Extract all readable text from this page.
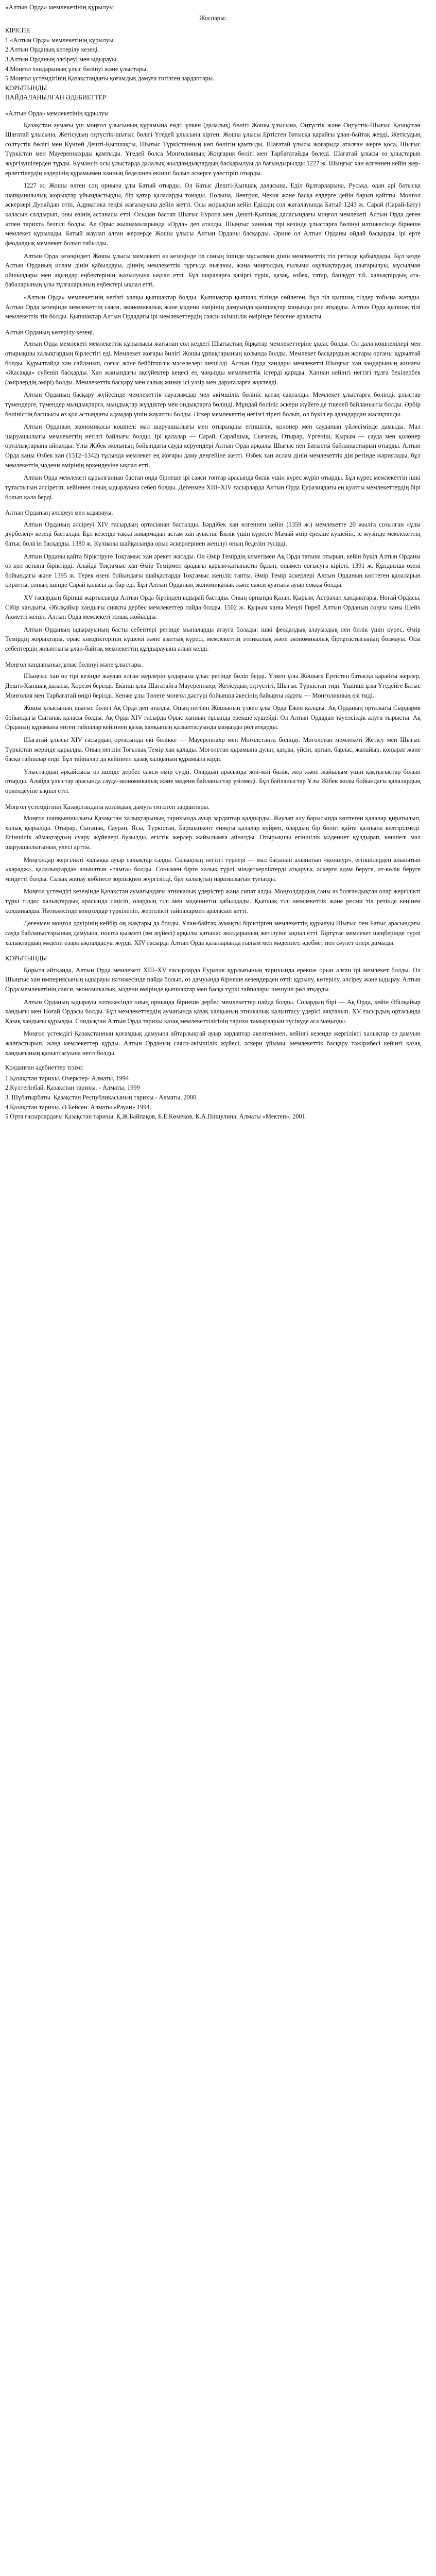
«Алтын Орда» мемлекетінің құрылуы
Жоспары:
КІРІСПЕ
1.«Алтын Орда» мемлекетінің құрылуы.
2.Алтын Орданың көтерілу кезеңі.
3.Алтын Орданың әлсіреуі мен ыдырауы.
4.Моңғол хандарының ұлыс бөлінуі және ұлыстары.
5.Моңғол үстемдігінің Қазақстандағы қоғамдық дамуға тигізген зардаптары.
ҚОРЫТЫНДЫ
ПАЙДАЛАНЫЛҒАН ӘДЕБИЕТТЕР
«Алтын Орда» мемлекетінің құрылуы

Қазақстан аумағы үш моңғол ұлысының құрамына енді: үлкен (далалық) бөлігі Жошы ұлысына, Оңтүстік және Оңтүстік-Шығыс Қазақстан Шағатай ұлысына, Жетісудың оңтүстік-шығыс бөлігі Үгедей ұлысына кірген. Жошы ұлысы Ертістен батысқа қарайғы ұлан-байтақ жерді, Жетісудың солтүстік бөлігі мен Күнгей Дешті-Қыпшақты, Шығыс Түркістанның көп бөлігін қамтыды. Шағатай ұлысы жоғарыда аталған жерге қоса, Шығыс Түркістан мен Мауереннахрды қамтыды. Үгедей болса Монғолияның Жоңғария бөлігі мен Тарбағатайды бөледі. Шағатай ұлысы өз ұлыстарын жүргізушілерден тұрды. Күмәнсіз осы ұлыстарда далалық жылдамдықтардың басқарылуы да бағындырылды 1227 ж. Шыңғыс хан өлгеннен кейін жер-ерлеттілердің өздерінің құрамымен ханның беделінен екінші болып әскерге үлестіріп отырды.

1227 ж. Жошы өлген соң орнына ұлы Батый отырды. Ол Батыс Дешті-Қыпшақ даласына, Еділ бұлғарларына, Русьқа, одан әрі батысқа шапқыншылық жорықтар ұйымдастырды, бір қатар қалаларды тонады. Польша, Венгрия, Чехия және басқа елдерге дейін барып қайтты. Монғол әскерлері Дунайдан өтіп, Адриатика теңізі жағалауына дейін жетті. Осы жорықтан кейін Еділдің сол жағалауында Батый 1243 ж. Сарай (Сарай-Бату) қаласын салдырып, оны өзінің астанасы етті. Осыдан бастап Шығыс Еуропа мен Дешті-Қыпшақ даласындағы моңғол мемлекеті Алтын Орда деген атпен тарихта белгілі болды. Ал Орыс жылнамаларында «Орда» деп аталды. Шыңғыс ханның тірі кезінде ұлыстарға бөлінуі нәтижесінде бірнеше мемлекет құрылады. Батый жаулап алған жерлерде Жошы ұлысы Алтын Орданы басқарды. Әрине ол Алтын Орданы ойдай басқарды, ірі ерте феодалдық мемлекет болып табылды.

Алтын Орда кезеңіндегі Жошы ұлысы мемлекеті өз кезеңінде ол соның ішінде мұсылман дінін мемлекеттік тіл ретінде қабылдады. Бұл кезде Алтын Орданың ислам дінін қабылдауы, діннің мемлекеттік тұрғыда нығаюы, жаңа моңғолдық ғылыми оқулықтардың шығарылуы, мұсылман ойшылдары мен ақындар еңбектерінің жазылуына ықпал етті. Бұл шараларға қазіргі түрік, қазақ, өзбек, татар, башқұрт т.б. халықтардың ата-бабаларының ұлы тұлғаларының еңбектері ықпал етті.

«Алтын Орда» мемлекетінің негізгі халқы қыпшақтар болды. Қыпшақтар қыпшақ тілінде сөйлеген, бұл тіл қыпшақ тілдер тобына жатады. Алтын Орда кезеңінде мемлекеттің саяси, экономикалық және мәдени өмірінің дамуында қыпшақтар маңызды рөл атқарды. Алтын Орда қыпшақ тілі мемлекеттік тіл болды. Қыпшақтар Алтын Ордадағы ірі мемлекеттердің саяси-әкімшілік өмірінде белсене араласты.

Алтын Орданың көтерілу кезеңі.

Алтын Орда мемлекеті мемлекеттік құрылысы жағынан сол кездегі Шығыстың бірқатар мемлекеттеріне ұқсас болды. Ол дала көшпелілері мен отырықшы халықтардың бірлестігі еді. Мемлекет жоғары билігі Жошы ұрпақтарының қолында болды. Мемлекет басқарудың жоғары органы құрылтай болды. Құрылтайда хан сайланып, соғыс және бейбітшілік мәселелері шешілді. Алтын Орда хандары мемлекетті Шыңғыс хан заңдарының жинағы «Жасаққа» сүйеніп басқарды. Хан жанындағы ақсүйектер кеңесі ең маңызды мемлекеттік істерді қарады. Ханнан кейінгі негізгі тұлға бекілербек (әмірлердің әмірі) болды. Мемлекеттік басқару мен салық жинау ісі уәзір мен даруғаларға жүктелді.

Алтын Орданың басқару жүйесінде мемлекеттік лауазымдар мен әкімшілік бөлініс қатаң сақталды. Мемлекет ұлыстарға бөлінді, ұлыстар түмендерге, түмендер мыңдықтарға, мыңдықтар жүздіктер мен ондықтарға бөлінді. Мұндай бөлініс әскери жүйеге де тікелей байланысты болды. Әрбір бөліністің басшысы өз қол астындағы адамдар үшін жауапты болды. Әскер мемлекеттің негізгі тірегі болып, ол бүкіл ер адамдардан жасақталды.

Алтын Орданың экономикасы көшпелі мал шаруашылығы мен отырықшы егіншілік, қолөнер мен сауданың үйлесімінде дамыды. Мал шаруашылығы мемлекеттің негізгі байлығы болды. Ірі қалалар — Сарай, Сарайшық, Сығанақ, Отырар, Үргеніш, Қырым — сауда мен қолөнер орталықтарына айналды. Ұлы Жібек жолының бойындағы сауда керуендері Алтын Орда арқылы Шығыс пен Батысты байланыстырып отырды. Алтын Орда ханы Өзбек хан (1312–1342) тұсында мемлекет ең жоғары даму деңгейіне жетті. Өзбек хан ислам дінін мемлекеттік дін ретінде жариялады, бұл мемлекеттің мәдени өмірінің өркендеуіне ықпал етті.

Алтын Орда мемлекеті құрылғаннан бастап онда бірнеше ірі саяси топтар арасында билік үшін күрес жүріп отырды. Бұл күрес мемлекеттің ішкі тұтастығын әлсіретіп, кейіннен оның ыдырауына себеп болды. Дегенмен XIII–XIV ғасырларда Алтын Орда Еуразиядағы ең қуатты мемлекеттердің бірі болып қала берді.

Алтын Орданың әлсіреуі мен ыдырауы.

Алтын Орданың әлсіреуі XIV ғасырдың ортасынан басталды. Бәрдібек хан өлгеннен кейін (1359 ж.) мемлекетте 20 жылға созылған «ұлы дүрбелең» кезеңі басталды. Бұл кезеңде таққа жиырмадан астам хан ауысты. Билік үшін күресте Мамай әмір ерекше күшейіп, іс жүзінде мемлекеттің батыс бөлігін басқарды. 1380 ж. Күлікова шайқасында орыс әскерлерінен жеңілуі оның беделін түсірді.

Алтын Орданы қайта біріктіруге Тоқтамыс хан әрекет жасады. Ол Әмір Темірдің көмегімен Ақ Орда тағына отырып, кейін бүкіл Алтын Орданы өз қол астына біріктірді. Алайда Тоқтамыс хан Әмір Темірмен арадағы қарым-қатынасты бұзып, онымен соғысуға кірісті. 1391 ж. Құндызша өзені бойындағы және 1395 ж. Терек өзені бойындағы шайқастарда Тоқтамыс жеңіліс тапты. Әмір Темір әскерлері Алтын Орданың көптеген қалаларын қиратты, соның ішінде Сарай қаласы да бар еді. Бұл Алтын Орданың экономикалық және саяси қуатына ауыр соққы болды.

XV ғасырдың бірінші жартысында Алтын Орда біртіндеп ыдырай бастады. Оның орнында Қазан, Қырым, Астрахан хандықтары, Ноғай Ордасы, Сібір хандығы, Әбілқайыр хандығы сияқты дербес мемлекеттер пайда болды. 1502 ж. Қырым ханы Меңлі Гирей Алтын Орданың соңғы ханы Шейх Ахметті жеңіп, Алтын Орда мемлекеті толық жойылды.

Алтын Орданың ыдырауының басты себептері ретінде мыналарды атауға болады: ішкі феодалдық алауыздық пен билік үшін күрес, Әмір Темірдің жорықтары, орыс княздіктерінің күшеюі және азаттық күресі, мемлекеттің этникалық және экономикалық біртұтастығының болмауы. Осы себептердің жиынтығы ұлан-байтақ мемлекеттің құлдырауына алып келді.

Моңғол хандарының ұлыс бөлінуі және ұлыстары.

Шыңғыс хан өз тірі кезінде жаулап алған жерлерін ұлдарына ұлыс ретінде бөліп берді. Үлкен ұлы Жошыға Ертістен батысқа қарайғы жерлер, Дешті-Қыпшақ даласы, Хорезм берілді. Екінші ұлы Шағатайға Мауереннахр, Жетісудың оңтүстігі, Шығыс Түркістан тиді. Үшінші ұлы Үгедейге Батыс Монғолия мен Тарбағатай өңірі берілді. Кенже ұлы Төлеге монғол дәстүрі бойынша әкесінің байырғы жұрты — Монғолияның өзі тиді.

Жошы ұлысының шығыс бөлігі Ақ Орда деп аталды. Оның негізін Жошының үлкен ұлы Орда Ежен қалады. Ақ Орданың орталығы Сырдария бойындағы Сығанақ қаласы болды. Ақ Орда XIV ғасырда Орыс ханның тұсында ерекше күшейді. Ол Алтын Ордадан тәуелсіздік алуға тырысты. Ақ Орданың құрамына енген тайпалар кейіннен қазақ халқының қалыптасуында маңызды рөл атқарды.

Шағатай ұлысы XIV ғасырдың ортасында екі бөлікке — Мауереннахр мен Моғолстанға бөлінді. Моғолстан мемлекеті Жетісу мен Шығыс Түркістан жерінде құрылды. Оның негізін Тоғылық Темір хан қалады. Моғолстан құрамына дулат, қаңлы, үйсін, арғын, барлас, жалайыр, қоңырат және басқа тайпалар енді. Бұл тайпалар да кейіннен қазақ халқының құрамына кірді.

Ұлыстардың әрқайсысы өз ішінде дербес саяси өмір сүрді. Олардың арасында жиі-жиі билік, жер және жайылым үшін қақтығыстар болып отырды. Алайда ұлыстар арасында сауда-экономикалық және мәдени байланыстар үзілмеді. Бұл байланыстар Ұлы Жібек жолы бойындағы қалалардың өркендеуіне ықпал етті.

Моңғол үстемдігінің Қазақстандағы қоғамдық дамуға тигізген зардаптары.

Моңғол шапқыншылығы Қазақстан халықтарының тарихында ауыр зардаптар қалдырды. Жаулап алу барысында көптеген қалалар қиратылып, халық қырылды. Отырар, Сығанақ, Сауран, Ясы, Түркістан, Баршынкент сияқты қалалар күйреп, олардың бір бөлігі қайта қалпына келтірілмеді. Егіншілік аймақтардың суару жүйелері бұзылды, егістік жерлер жайылымға айналды. Отырықшы егіншілік мәдениет құлдырап, көшпелі мал шаруашылығының үлесі артты.

Моңғолдар жергілікті халыққа ауыр салықтар салды. Салықтың негізгі түрлері — мал басынан алынатын «қопшур», егіншілерден алынатын «харадж», қалалықтардан алынатын «тамға» болды. Сонымен бірге халық түрлі міндеткерліктерді атқаруға, әскерге адам беруге, ат-көлік беруге міндетті болды. Салық жинау көбінесе зорлықпен жүргізілді, бұл халықтың наразылығын туғызды.

Моңғол үстемдігі кезеңінде Қазақстан аумағындағы этникалық үдерістер жаңа сипат алды. Моңғолдардың саны аз болғандықтан олар жергілікті түркі тілдес халықтардың арасында сіңісіп, олардың тілі мен мәдениетін қабылдады. Қыпшақ тілі мемлекеттік және ресми тіл ретінде кеңінен қолданылды. Нәтижесінде моңғолдар түркіленіп, жергілікті тайпалармен араласып кетті.

Дегенмен моңғол дәуірінің кейбір оң жақтары да болды. Ұлан-байтақ аумақты біріктірген мемлекеттің құрылуы Шығыс пен Батыс арасындағы сауда байланыстарының дамуына, пошта қызметі (ям жүйесі) арқылы қатынас жолдарының жетілуіне ықпал етті. Біртұтас мемлекет шеңберінде түрлі халықтардың мәдени өзара ықпалдасуы жүрді. XIV ғасырда Алтын Орда қалаларында ғылым мен мәдениет, әдебиет пен сәулет өнері дамыды.

ҚОРЫТЫНДЫ

Қорыта айтқанда, Алтын Орда мемлекеті XIII–XV ғасырларда Еуразия құрлығының тарихында ерекше орын алған ірі мемлекет болды. Ол Шыңғыс хан империясының ыдырауы нәтижесінде пайда болып, өз дамуында бірнеше кезеңдерден өтті: құрылу, көтерілу, әлсіреу және ыдырау. Алтын Орда мемлекетінің саяси, экономикалық, мәдени өмірінде қыпшақтар мен басқа түркі тайпалары шешуші рөл атқарды.

Алтын Орданың ыдырауы нәтижесінде оның орнында бірнеше дербес мемлекеттер пайда болды. Солардың бірі — Ақ Орда, кейін Әбілқайыр хандығы мен Ноғай Ордасы болды. Бұл мемлекеттердің аумағында қазақ халқының этникалық қалыптасу үдерісі аяқталып, XV ғасырдың ортасында Қазақ хандығы құрылды. Сондықтан Алтын Орда тарихы қазақ мемлекеттілігінің тарихи тамырларын түсінуде аса маңызды.

Моңғол үстемдігі Қазақстанның қоғамдық дамуына айтарлықтай ауыр зардаптар әкелгенімен, кейінгі кезеңде жергілікті халықтар өз дамуын жалғастырып, жаңа мемлекеттер құрды. Алтын Орданың саяси-әкімшілік жүйесі, әскери ұйымы, мемлекеттік басқару тәжірибесі кейінгі қазақ хандығының қалыптасуына негіз болды.

Қолданған әдебиеттер тізімі:
1.Қазақстан тарихы. Очерктер- Алматы, 1994
2.Күлтегінбай. Қазақстан тарихы. - Алматы, 1999
3. Шұбатырбаты. Қазақстан Республикасының тарихы.- Алматы, 2000
4.Қазақстан тарихы. Ә.Бейсен. Алматы «Рауан» 1994.
5.Орта ғасырлардағы Қазақстан тарихы. Қ.Ж.Байпақов, Б.Е.Көмеков, К.А.Пищулина. Алматы «Мектеп», 2001.
